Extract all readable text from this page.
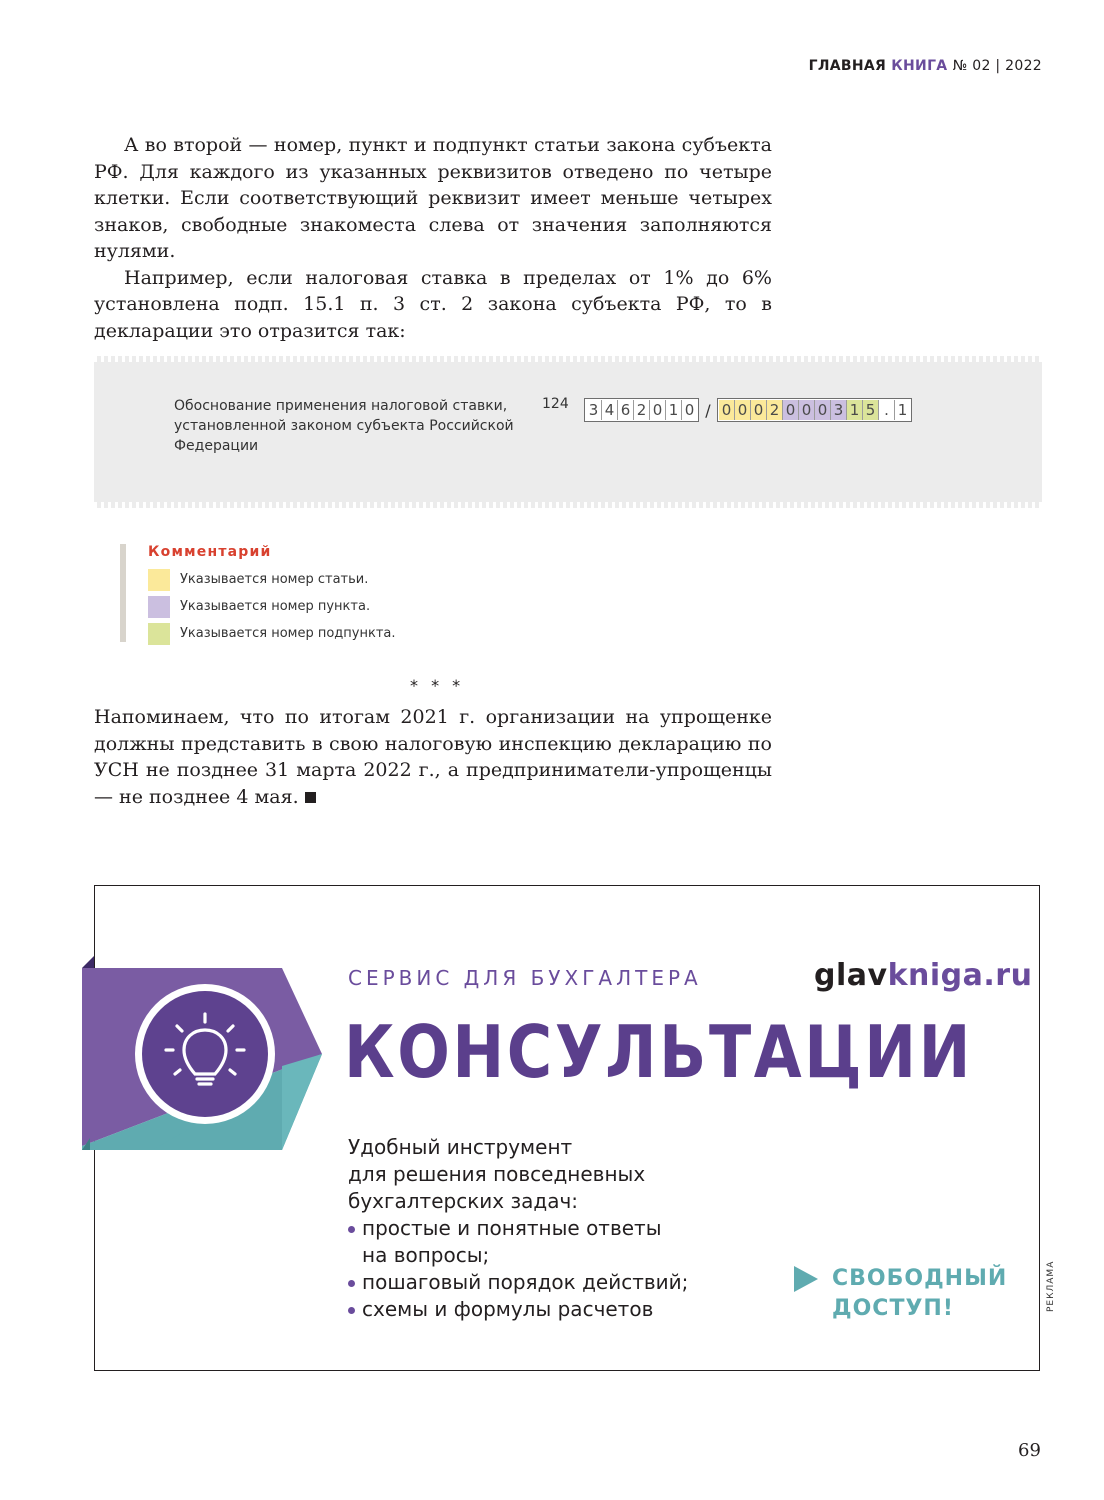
ГЛАВНАЯ КНИГА № 02 | 2022

А во второй — номер, пункт и подпункт статьи закона субъекта РФ. Для каждого из указанных реквизитов отведено по четыре клетки. Если соответствующий реквизит имеет меньше четырех знаков, свободные знакоместа слева от значения заполняются нулями.

Например, если налоговая ставка в пределах от 1% до 6% установлена подп. 15.1 п. 3 ст. 2 закона субъекта РФ, то в декларации это отразится так:

Обоснование применения налоговой ставки, установленной законом субъекта Российской Федерации
124 3 4 6 2 0 1 0 / 0 0 0 2 0 0 0 3 1 5 . 1
Комментарий
Указывается номер статьи.
Указывается номер пункта.
Указывается номер подпункта.
* * *

Напоминаем, что по итогам 2021 г. организации на упрощенке должны представить в свою налоговую инспекцию декларацию по УСН не позднее 31 марта 2022 г., а предприниматели-упрощенцы — не позднее 4 мая.

СЕРВИС ДЛЯ БУХГАЛТЕРА	glavkniga.ru
КОНСУЛЬТАЦИИ
Удобный инструмент
для решения повседневных
бухгалтерских задач:
простые и понятные ответы на вопросы;
пошаговый порядок действий;
схемы и формулы расчетов
СВОБОДНЫЙ
ДОСТУП!	РЕКЛАМА
69
